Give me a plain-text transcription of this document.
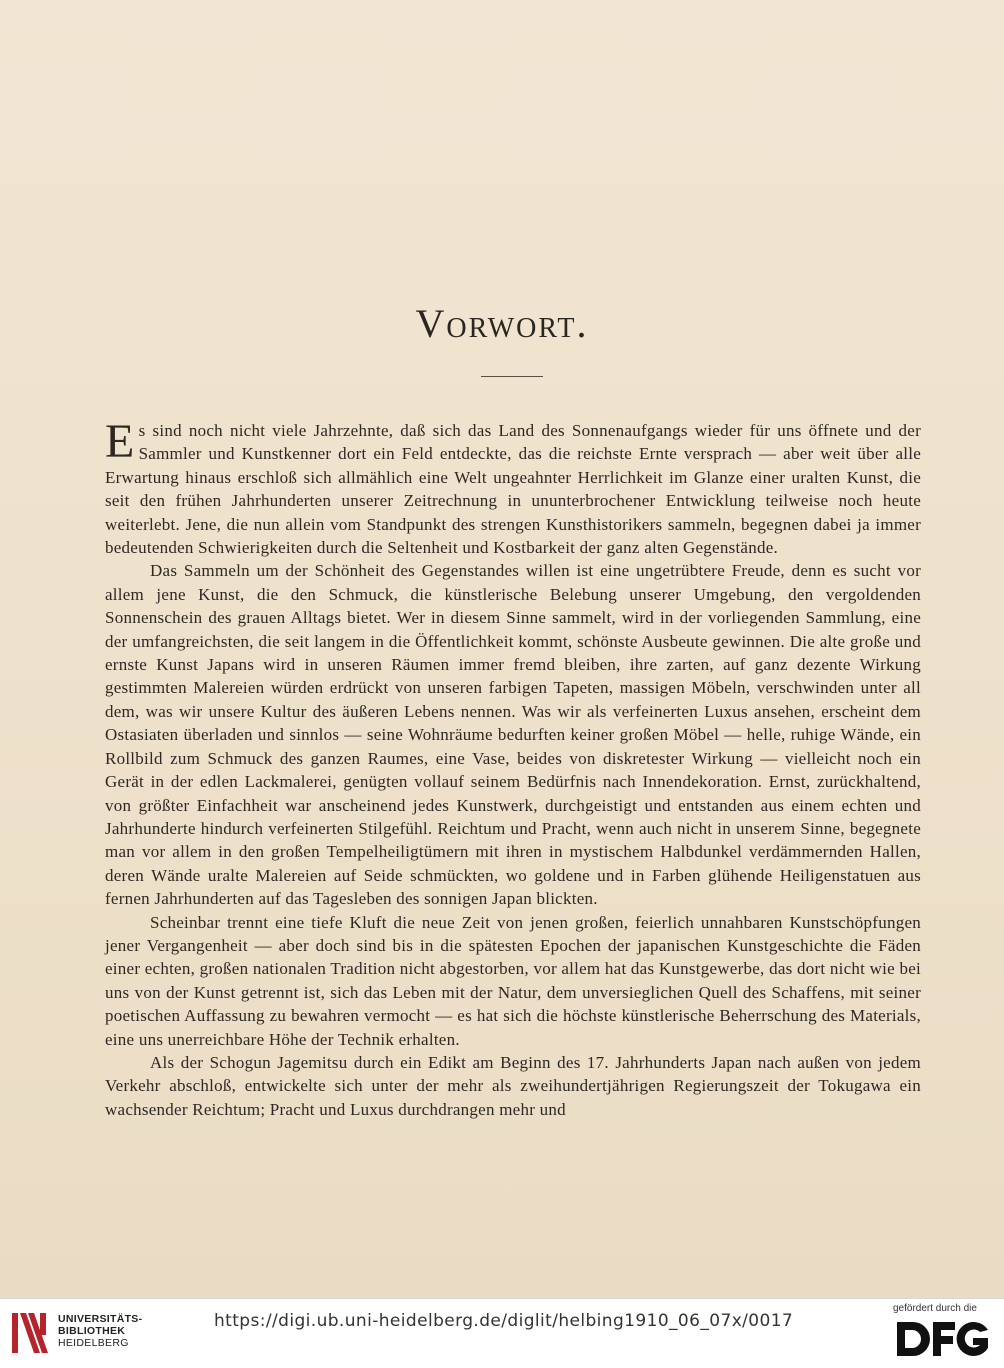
Vorwort.

Es sind noch nicht viele Jahrzehnte, daß sich das Land des Sonnenaufgangs wieder für uns öffnete und der Sammler und Kunstkenner dort ein Feld entdeckte, das die reichste Ernte versprach — aber weit über alle Erwartung hinaus erschloß sich allmählich eine Welt ungeahnter Herrlichkeit im Glanze einer uralten Kunst, die seit den frühen Jahrhunderten unserer Zeitrechnung in ununterbrochener Entwicklung teilweise noch heute weiterlebt. Jene, die nun allein vom Standpunkt des strengen Kunsthistorikers sammeln, begegnen dabei ja immer bedeutenden Schwierigkeiten durch die Seltenheit und Kostbarkeit der ganz alten Gegenstände.

Das Sammeln um der Schönheit des Gegenstandes willen ist eine ungetrübtere Freude, denn es sucht vor allem jene Kunst, die den Schmuck, die künstlerische Belebung unserer Umgebung, den vergoldenden Sonnenschein des grauen Alltags bietet. Wer in diesem Sinne sammelt, wird in der vorliegenden Sammlung, eine der umfangreichsten, die seit langem in die Öffentlichkeit kommt, schönste Ausbeute gewinnen. Die alte große und ernste Kunst Japans wird in unseren Räumen immer fremd bleiben, ihre zarten, auf ganz dezente Wirkung gestimmten Malereien würden erdrückt von unseren farbigen Tapeten, massigen Möbeln, verschwinden unter all dem, was wir unsere Kultur des äußeren Lebens nennen. Was wir als verfeinerten Luxus ansehen, erscheint dem Ostasiaten überladen und sinnlos — seine Wohnräume bedurften keiner großen Möbel — helle, ruhige Wände, ein Rollbild zum Schmuck des ganzen Raumes, eine Vase, beides von diskretester Wirkung — vielleicht noch ein Gerät in der edlen Lackmalerei, genügten vollauf seinem Bedürfnis nach Innendekoration. Ernst, zurückhaltend, von größter Einfachheit war anscheinend jedes Kunstwerk, durchgeistigt und entstanden aus einem echten und Jahrhunderte hindurch verfeinerten Stilgefühl. Reichtum und Pracht, wenn auch nicht in unserem Sinne, begegnete man vor allem in den großen Tempelheiligtümern mit ihren in mystischem Halbdunkel verdämmernden Hallen, deren Wände uralte Malereien auf Seide schmückten, wo goldene und in Farben glühende Heiligenstatuen aus fernen Jahrhunderten auf das Tagesleben des sonnigen Japan blickten.

Scheinbar trennt eine tiefe Kluft die neue Zeit von jenen großen, feierlich unnahbaren Kunstschöpfungen jener Vergangenheit — aber doch sind bis in die spätesten Epochen der japanischen Kunstgeschichte die Fäden einer echten, großen nationalen Tradition nicht abgestorben, vor allem hat das Kunstgewerbe, das dort nicht wie bei uns von der Kunst getrennt ist, sich das Leben mit der Natur, dem unversieglichen Quell des Schaffens, mit seiner poetischen Auffassung zu bewahren vermocht — es hat sich die höchste künstlerische Beherrschung des Materials, eine uns unerreichbare Höhe der Technik erhalten.

Als der Schogun Jagemitsu durch ein Edikt am Beginn des 17. Jahrhunderts Japan nach außen von jedem Verkehr abschloß, entwickelte sich unter der mehr als zweihundertjährigen Regierungszeit der Tokugawa ein wachsender Reichtum; Pracht und Luxus durchdrangen mehr und

UNIVERSITÄTS-
BIBLIOTHEK
HEIDELBERG
https://digi.ub.uni-heidelberg.de/diglit/helbing1910_06_07x/0017
gefördert durch die
